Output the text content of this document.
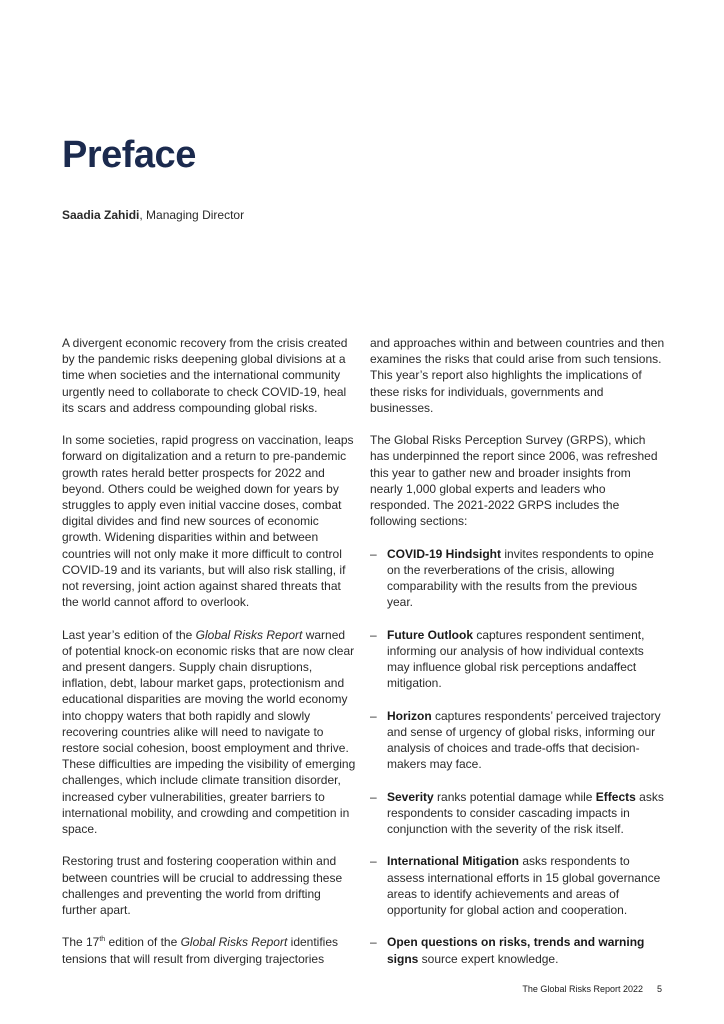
Preface
Saadia Zahidi, Managing Director

A divergent economic recovery from the crisis created by the pandemic risks deepening global divisions at a time when societies and the international community urgently need to collaborate to check COVID-19, heal its scars and address compounding global risks.

In some societies, rapid progress on vaccination, leaps forward on digitalization and a return to pre-pandemic growth rates herald better prospects for 2022 and beyond. Others could be weighed down for years by struggles to apply even initial vaccine doses, combat digital divides and find new sources of economic growth. Widening disparities within and between countries will not only make it more difficult to control COVID-19 and its variants, but will also risk stalling, if not reversing, joint action against shared threats that the world cannot afford to overlook.

Last year’s edition of the Global Risks Report warned of potential knock-on economic risks that are now clear and present dangers. Supply chain disruptions, inflation, debt, labour market gaps, protectionism and educational disparities are moving the world economy into choppy waters that both rapidly and slowly recovering countries alike will need to navigate to restore social cohesion, boost employment and thrive. These difficulties are impeding the visibility of emerging challenges, which include climate transition disorder, increased cyber vulnerabilities, greater barriers to international mobility, and crowding and competition in space.

Restoring trust and fostering cooperation within and between countries will be crucial to addressing these challenges and preventing the world from drifting further apart.

The 17th edition of the Global Risks Report identifies tensions that will result from diverging trajectories

and approaches within and between countries and then examines the risks that could arise from such tensions. This year’s report also highlights the implications of these risks for individuals, governments and businesses.

The Global Risks Perception Survey (GRPS), which has underpinned the report since 2006, was refreshed this year to gather new and broader insights from nearly 1,000 global experts and leaders who responded. The 2021-2022 GRPS includes the following sections:

– COVID-19 Hindsight invites respondents to opine on the reverberations of the crisis, allowing comparability with the results from the previous year.
– Future Outlook captures respondent sentiment, informing our analysis of how individual contexts may influence global risk perceptions andaffect mitigation.
– Horizon captures respondents’ perceived trajectory and sense of urgency of global risks, informing our analysis of choices and trade-offs that decision-makers may face.
– Severity ranks potential damage while Effects asks respondents to consider cascading impacts in conjunction with the severity of the risk itself.
– International Mitigation asks respondents to assess international efforts in 15 global governance areas to identify achievements and areas of opportunity for global action and cooperation.
– Open questions on risks, trends and warning signs source expert knowledge.
The Global Risks Report 2022 5
